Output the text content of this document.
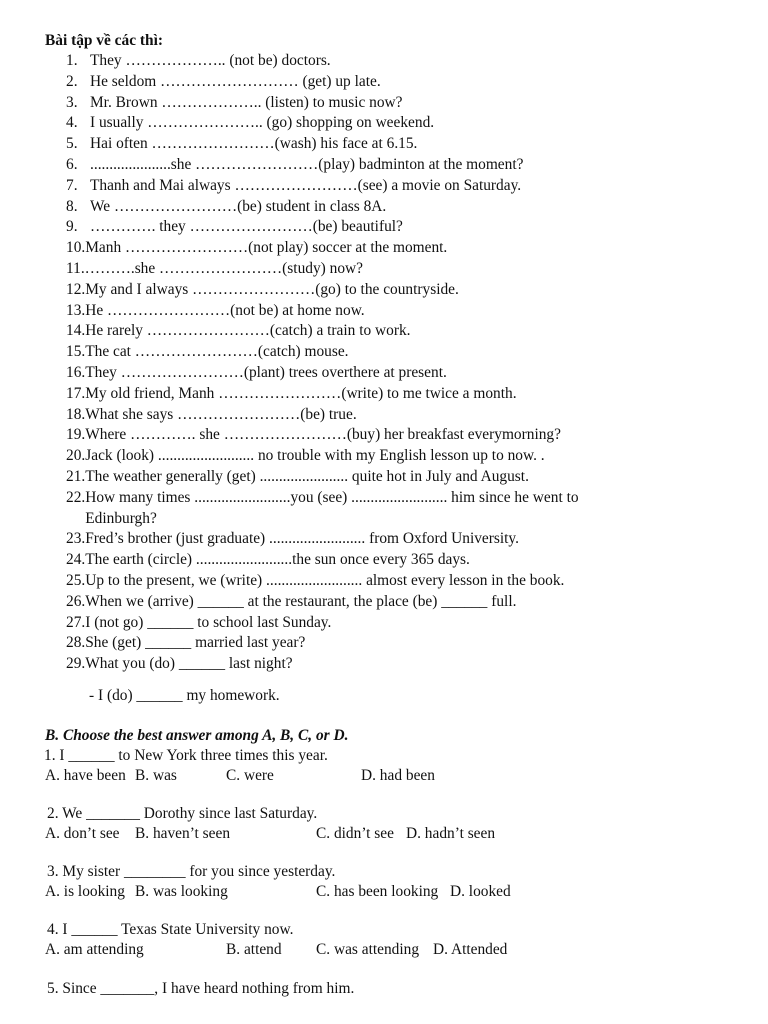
Bài tập về các thì:
1. They ……………….. (not be) doctors.
2. He seldom ……………………… (get) up late.
3. Mr. Brown ……………….. (listen) to music now?
4. I usually ………………….. (go) shopping on weekend.
5. Hai often ……………………(wash) his face at 6.15.
6. .....................she ……………………(play) badminton at the moment?
7. Thanh and Mai always ……………………(see) a movie on Saturday.
8. We ……………………(be) student in class 8A.
9. …………. they ……………………(be) beautiful?
10. Manh ……………………(not play) soccer at the moment.
11. ……….she ……………………(study) now?
12. My and I always ……………………(go) to the countryside.
13. He ……………………(not be) at home now.
14. He rarely ……………………(catch) a train to work.
15. The cat ……………………(catch) mouse.
16. They ……………………(plant) trees overthere at present.
17. My old friend, Manh ……………………(write) to me twice a month.
18. What she says ……………………(be) true.
19. Where …………. she ……………………(buy) her breakfast everymorning?
20. Jack (look) ......................... no trouble with my English lesson up to now. .
21. The weather generally (get) ....................... quite hot in July and August.
22. How many times .........................you (see) ......................... him since he went to Edinburgh?
23. Fred’s brother (just graduate) ......................... from Oxford University.
24. The earth (circle) .........................the sun once every 365 days.
25. Up to the present, we (write) ......................... almost every lesson in the book.
26. When we (arrive) ______ at the restaurant, the place (be) ______ full.
27. I (not go) ______ to school last Sunday.
28. She (get) ______ married last year?
29. What you (do) ______ last night?
- I (do) ______ my homework.
B. Choose the best answer among A, B, C, or D.
1. I ______ to New York three times this year.
A. have been B. was	C. were	D. had been
2. We _______ Dorothy since last Saturday.
A. don’t see B. haven’t seen	C. didn’t see D. hadn’t seen
3. My sister ________ for you since yesterday.
A. is looking B. was looking	C. has been looking D. looked
4. I ______ Texas State University now.
A. am attending	B. attend C. was attending D. Attended
5. Since _______, I have heard nothing from him.
